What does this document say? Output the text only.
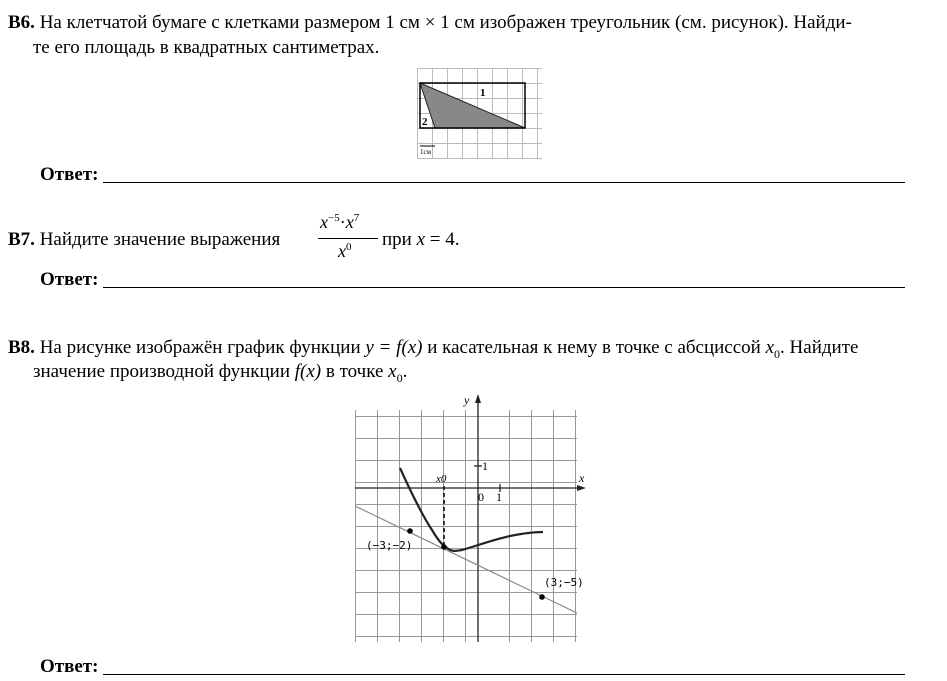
B6. На клетчатой бумаге с клетками размером 1 см × 1 см изображен треугольник (см. рисунок). Найди-
те его площадь в квадратных сантиметрах.
1
2
1см
Ответ:
B7. Найдите значение выражения
$x^{-5}\cdot x^7$
$x^0$ при x = 4.
Ответ:
B8. На рисунке изображён график функции y = f(x) и касательная к нему в точке с абсциссой $x_0$. Найдите
значение производной функции f(x) в точке $x_0$.
y
x
1
1
0
x0
(−3;−2)
(3;−5)
Ответ:
